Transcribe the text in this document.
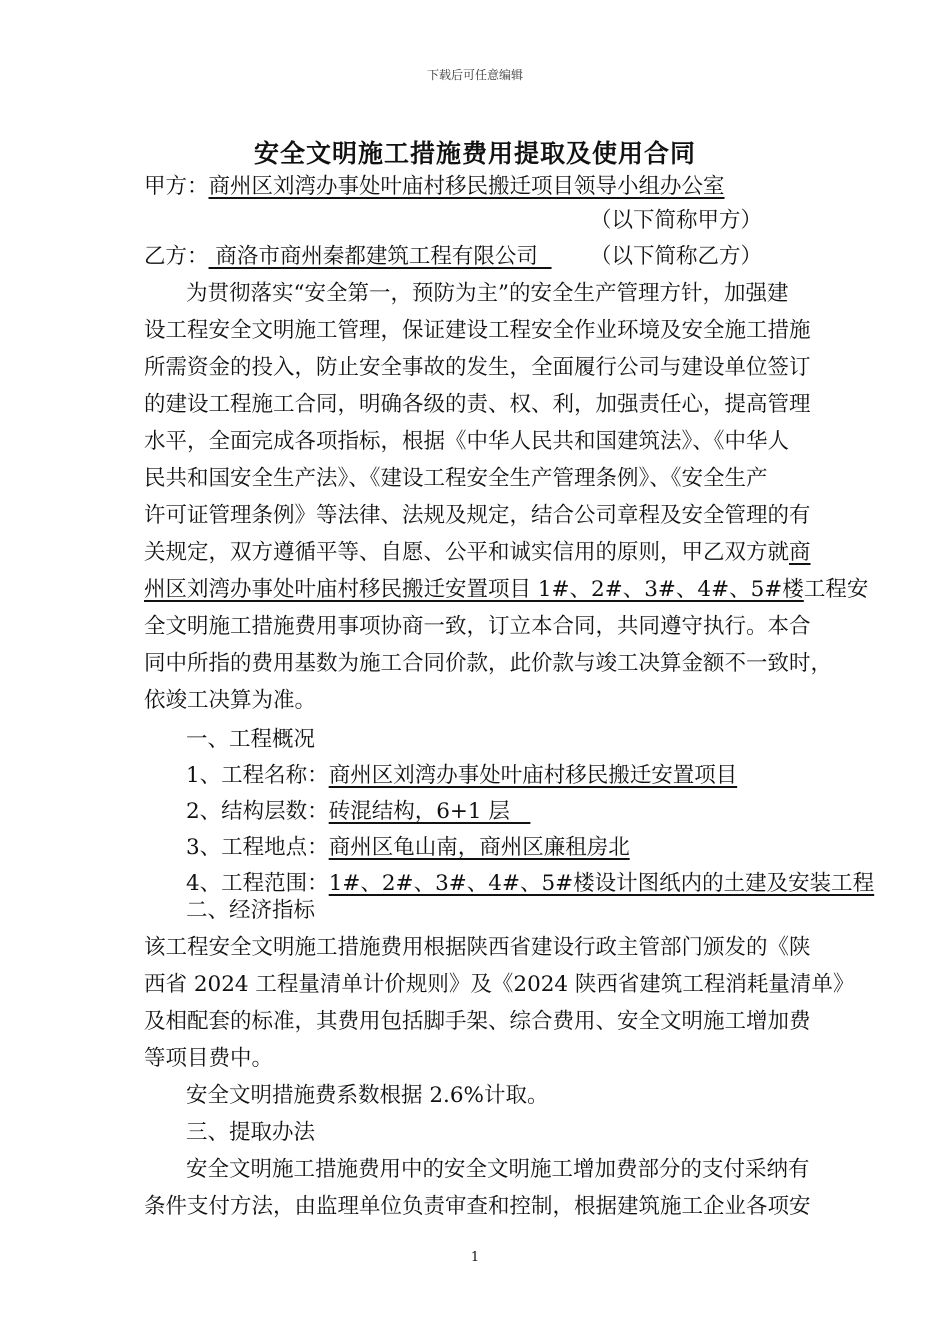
下载后可任意编辑
安全文明施工措施费用提取及使用合同
甲方：商州区刘湾办事处叶庙村移民搬迁项目领导小组办公室
（以下简称甲方）
乙方： 商洛市商州秦都建筑工程有限公司 （以下简称乙方）
为贯彻落实“安全第一，预防为主”的安全生产管理方针，加强建
设工程安全文明施工管理，保证建设工程安全作业环境及安全施工措施
所需资金的投入，防止安全事故的发生，全面履行公司与建设单位签订
的建设工程施工合同，明确各级的责、权、利，加强责任心，提高管理
水平，全面完成各项指标，根据《中华人民共和国建筑法》、《中华人
民共和国安全生产法》、《建设工程安全生产管理条例》、《安全生产
许可证管理条例》等法律、法规及规定，结合公司章程及安全管理的有
关规定，双方遵循平等、自愿、公平和诚实信用的原则，甲乙双方就商
州区刘湾办事处叶庙村移民搬迁安置项目 1#、2#、3#、4#、5#楼工程安
全文明施工措施费用事项协商一致，订立本合同，共同遵守执行。本合
同中所指的费用基数为施工合同价款，此价款与竣工决算金额不一致时，
依竣工决算为准。
一、工程概况
1、工程名称：商州区刘湾办事处叶庙村移民搬迁安置项目
2、结构层数：砖混结构，6+1 层
3、工程地点：商州区龟山南，商州区廉租房北
4、工程范围：1#、2#、3#、4#、5#楼设计图纸内的土建及安装工程
二、经济指标
该工程安全文明施工措施费用根据陕西省建设行政主管部门颁发的《陕
西省 2024 工程量清单计价规则》及《2024 陕西省建筑工程消耗量清单》
及相配套的标准，其费用包括脚手架、综合费用、安全文明施工增加费
等项目费中。
安全文明措施费系数根据 2.6%计取。
三、提取办法
安全文明施工措施费用中的安全文明施工增加费部分的支付采纳有
条件支付方法，由监理单位负责审查和控制，根据建筑施工企业各项安
1
